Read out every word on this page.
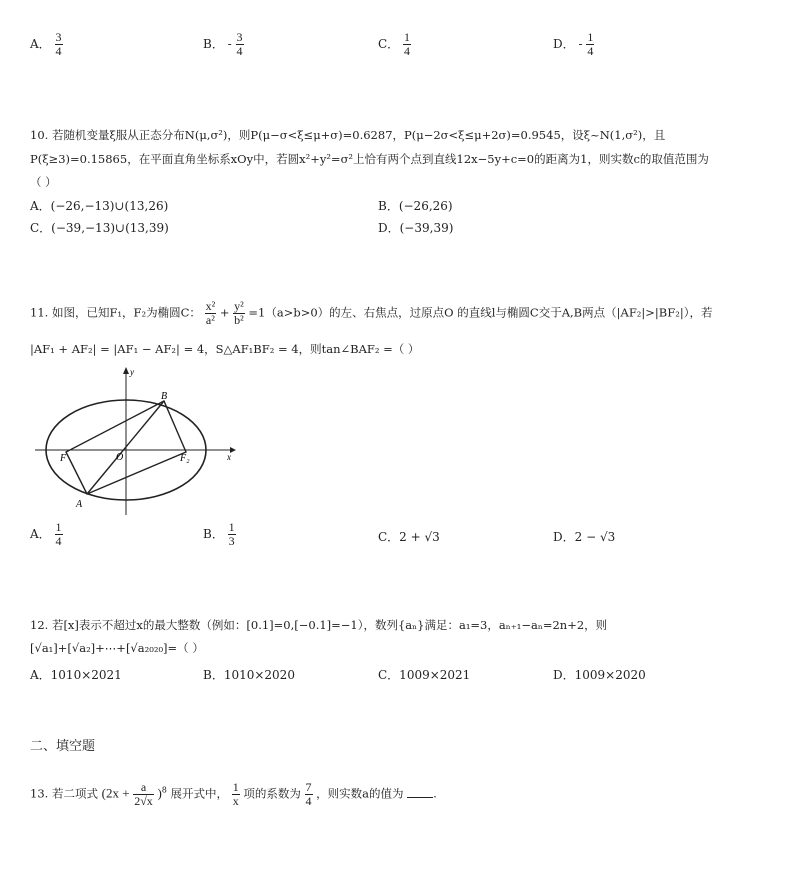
A． $\frac{3}{4}$	B． - $\frac{3}{4}$	C． $\frac{1}{4}$	D． - $\frac{1}{4}$
10. 若随机变量ξ服从正态分布N(μ,σ²)，则P(μ−σ<ξ≤μ+σ)=0.6287，P(μ−2σ<ξ≤μ+2σ)=0.9545，设ξ~N(1,σ²)，且
P(ξ≥3)=0.15865，在平面直角坐标系xOy中，若圆x²+y²=σ²上恰有两个点到直线12x−5y+c=0的距离为1，则实数c的取值范围为
（ ）
A．(−26,−13)∪(13,26)	B．(−26,26)
C．(−39,−13)∪(13,39)	D．(−39,39)
11. 如图，已知F₁，F₂为椭圆C： $\frac{\text{x²}}{\text{a²}} + \frac{\text{y²}}{\text{b²}} =1(a>b>0)$的左、右焦点，过原点O 的直线l与椭圆C交于A,B两点（|AF₂|>|BF₂|），若
|AF₁ + AF₂| = |AF₁ − AF₂| = 4，S△AF₁BF₂ = 4，则tan∠BAF₂ =（ ）
y
x
B
A
O
F	F₂
A． $\frac{1}{4}$	B． $\frac{1}{3}$	C．2 + √3	D．2 − √3
12. 若[x]表示不超过x的最大整数（例如：[0.1]=0,[−0.1]=−1），数列{aₙ}满足：a₁=3，aₙ₊₁−aₙ=2n+2，则
[√a₁]+[√a₂]+⋯+[√a₂₀₂₀]=（ ）
A．1010×2021	B．1010×2020	C．1009×2021	D．1009×2020
二、填空题
13. 若二项式 $(2x + \frac{a}{2√x} )^8$ 展开式中， $\frac{1}{x}$ 项的系数为 $\frac{7}{4}$ ，则实数a的值为	.
